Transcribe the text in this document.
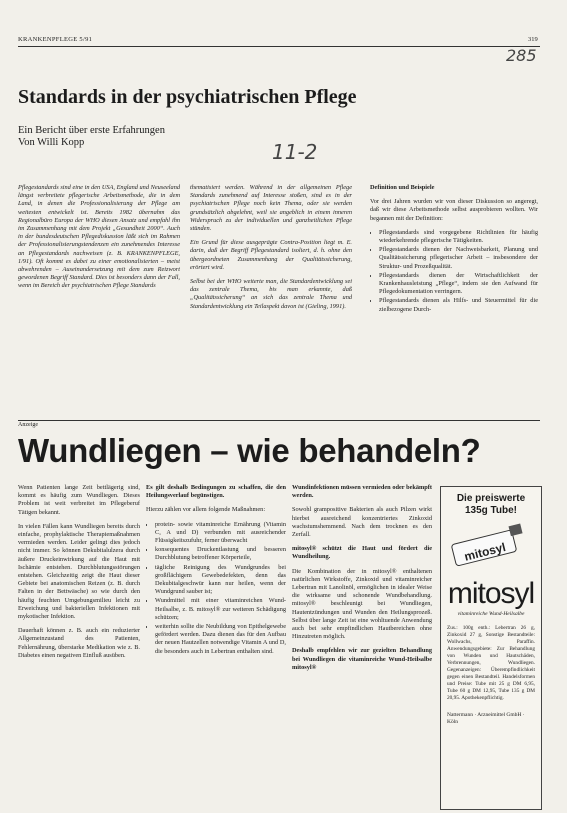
KRANKENPFLEGE 5/91	319
285
11-2
Standards in der psychiatrischen Pflege
Ein Bericht über erste Erfahrungen
Von Willi Kopp

Pflegestandards sind eine in den USA, England und Neuseeland längst verbreitete pflegerische Arbeitsmethode, die in dem Land, in denen die Professionalisierung der Pflege am weitesten entwickelt ist. Bereits 1982 übernahm das Regionalbüro Europa der WHO diesen Ansatz und empfahl ihn im Zusammenhang mit dem Projekt „Gesundheit 2000“. Auch in der bundesdeutschen Pflegediskussion läßt sich im Rahmen der Professionalisierungstendenzen ein zunehmendes Interesse an Pflegestandards nachweisen (z. B. KRANKENPFLEGE, 1/91). Oft kommt es dabei zu einer emotionalisierten – meist abwehrenden – Auseinandersetzung mit dem zum Reizwort gewordenen Begriff Standard. Dies ist besonders dann der Fall, wenn im Bereich der psychiatrischen Pflege Standards

thematisiert werden. Während in der allgemeinen Pflege Standards zunehmend auf Interesse stoßen, sind es in der psychiatrischen Pflege noch kein Thema, oder sie werden grundsätzlich abgelehnt, weil sie angeblich in einem inneren Widerspruch zu der individuellen und ganzheitlichen Pflege stünden.

Ein Grund für diese ausgeprägte Contra-Position liegt m. E. darin, daß der Begriff Pflegestandard isoliert, d. h. ohne den übergeordneten Zusammenhang der Qualitätssicherung, erörtert wird.

Selbst bei der WHO weiterte man, die Standardentwicklung sei das zentrale Thema, bis man erkannte, daß „Qualitätssicherung“ an sich das zentrale Thema und Standardentwicklung ein Teilaspekt davon ist (Gieling, 1991).

Definition und Beispiele

Vor drei Jahren wurden wir von dieser Diskussion so angeregt, daß wir diese Arbeitsmethode selbst ausprobieren wollten. Wir begannen mit der Definition:

• Pflegestandards sind vorgegebene Richtlinien für häufig wiederkehrende pflegerische Tätigkeiten.
• Pflegestandards dienen der Nachweisbarkeit, Planung und Qualitätssicherung pflegerischer Arbeit – insbesondere der Struktur- und Prozeßqualität.
• Pflegestandards dienen der Wirtschaftlichkeit der Krankenhausleistung „Pflege“, indem sie den Aufwand für Pflegedokumentation verringern.
• Pflegestandards dienen als Hilfs- und Steuermittel für die zielbezogene Durch-
Anzeige
Wundliegen – wie behandeln?

Wenn Patienten lange Zeit bettlägerig sind, kommt es häufig zum Wundliegen. Dieses Problem ist weit verbreitet im Pflegeberuf Tätigen bekannt.

In vielen Fällen kann Wundliegen bereits durch einfache, prophylaktische Therapiemaßnahmen vermieden werden. Leider gelingt dies jedoch nicht immer. So können Dekubitalulzera durch äußere Druckeinwirkung auf die Haut mit Ischämie entstehen. Durchblutungsstörungen entstehen. Gleichzeitig zeigt die Haut dieser Gebiete bei anatomischen Reizen (z. B. durch Falten in der Bettwäsche) so wie durch den häufig feuchten Umgebungsmilieu leicht zu Erweichung und bakteriellen Infektionen mit mykotischer Infektion.

Dauerhaft können z. B. auch ein reduzierter Allgemeinzustand des Patienten, Fehlernährung, überstarke Medikation wie z. B. Diabetes einen negativen Einfluß ausüben.

Es gilt deshalb Bedingungen zu schaffen, die den Heilungsverlauf begünstigen.

Hierzu zählen vor allem folgende Maßnahmen:

• protein- sowie vitaminreiche Ernährung (Vitamin C, A und D) verbunden mit ausreichender Flüssigkeitszufuhr, ferner überwacht
• konsequentes Druckentlastung und besseren Durchblutung betroffener Körperteile,
• tägliche Reinigung des Wundgrundes bei großflächigem Gewebedefekten, denn das Dekubitalgeschwür kann nur heilen, wenn der Wundgrund sauber ist;
• Wundmittel mit einer vitaminreichen Wund-Heilsalbe, z. B. mitosyl® zur weiteren Schädigung schützen;
• weiterhin sollte die Neubildung von Epithelgewebe gefördert werden. Dazu dienen das für den Aufbau der neuen Hautzellen notwendige Vitamin A und D, die besonders auch in Lebertran enthalten sind.

Wundinfektionen müssen vermieden oder bekämpft werden.

Sowohl grampositive Bakterien als auch Pilzen wirkt hierbei ausreichend konzentriertes Zinkoxid wachstumshemmend. Nach dem trocknen es den Zerfall.

mitosyl® schützt die Haut und fördert die Wundheilung.

Die Kombination der in mitosyl® enthaltenen natürlichen Wirkstoffe, Zinkoxid und vitaminreicher Lebertran mit Lanolinöl, ermöglichen in idealer Weise die wirksame und schonende Wundbehandlung. mitosyl® beschleunigt bei Wundliegen, Hautentzündungen und Wunden den Heilungsprozeß. Selbst über lange Zeit ist eine wohltuende Anwendung auch bei sehr empfindlichen Hautbereichen ohne Hinzutreten möglich.

Deshalb empfehlen wir zur gezielten Behandlung bei Wundliegen die vitaminreiche Wund-Heilsalbe mitosyl®

Die preiswerte
135g Tube!
mitosyl
mitosyl
vitaminreiche Wund-Heilsalbe
Zus.: 100g enth.: Lebertran 26 g, Zinkoxid 27 g, Sonstige Bestandteile: Wollwachs, Paraffin. Anwendungsgebiete: Zur Behandlung von Wunden und Hautschäden, Verbrennungen, Wundliegen. Gegenanzeigen: Überempfindlichkeit gegen einen Bestandteil. Handelsformen und Preise: Tube mit 25 g DM 6,95, Tube 60 g DM 12,95, Tube 135 g DM 20,95. Apothekenpflichtig.
Nattermann · Arzneimittel GmbH · Köln
